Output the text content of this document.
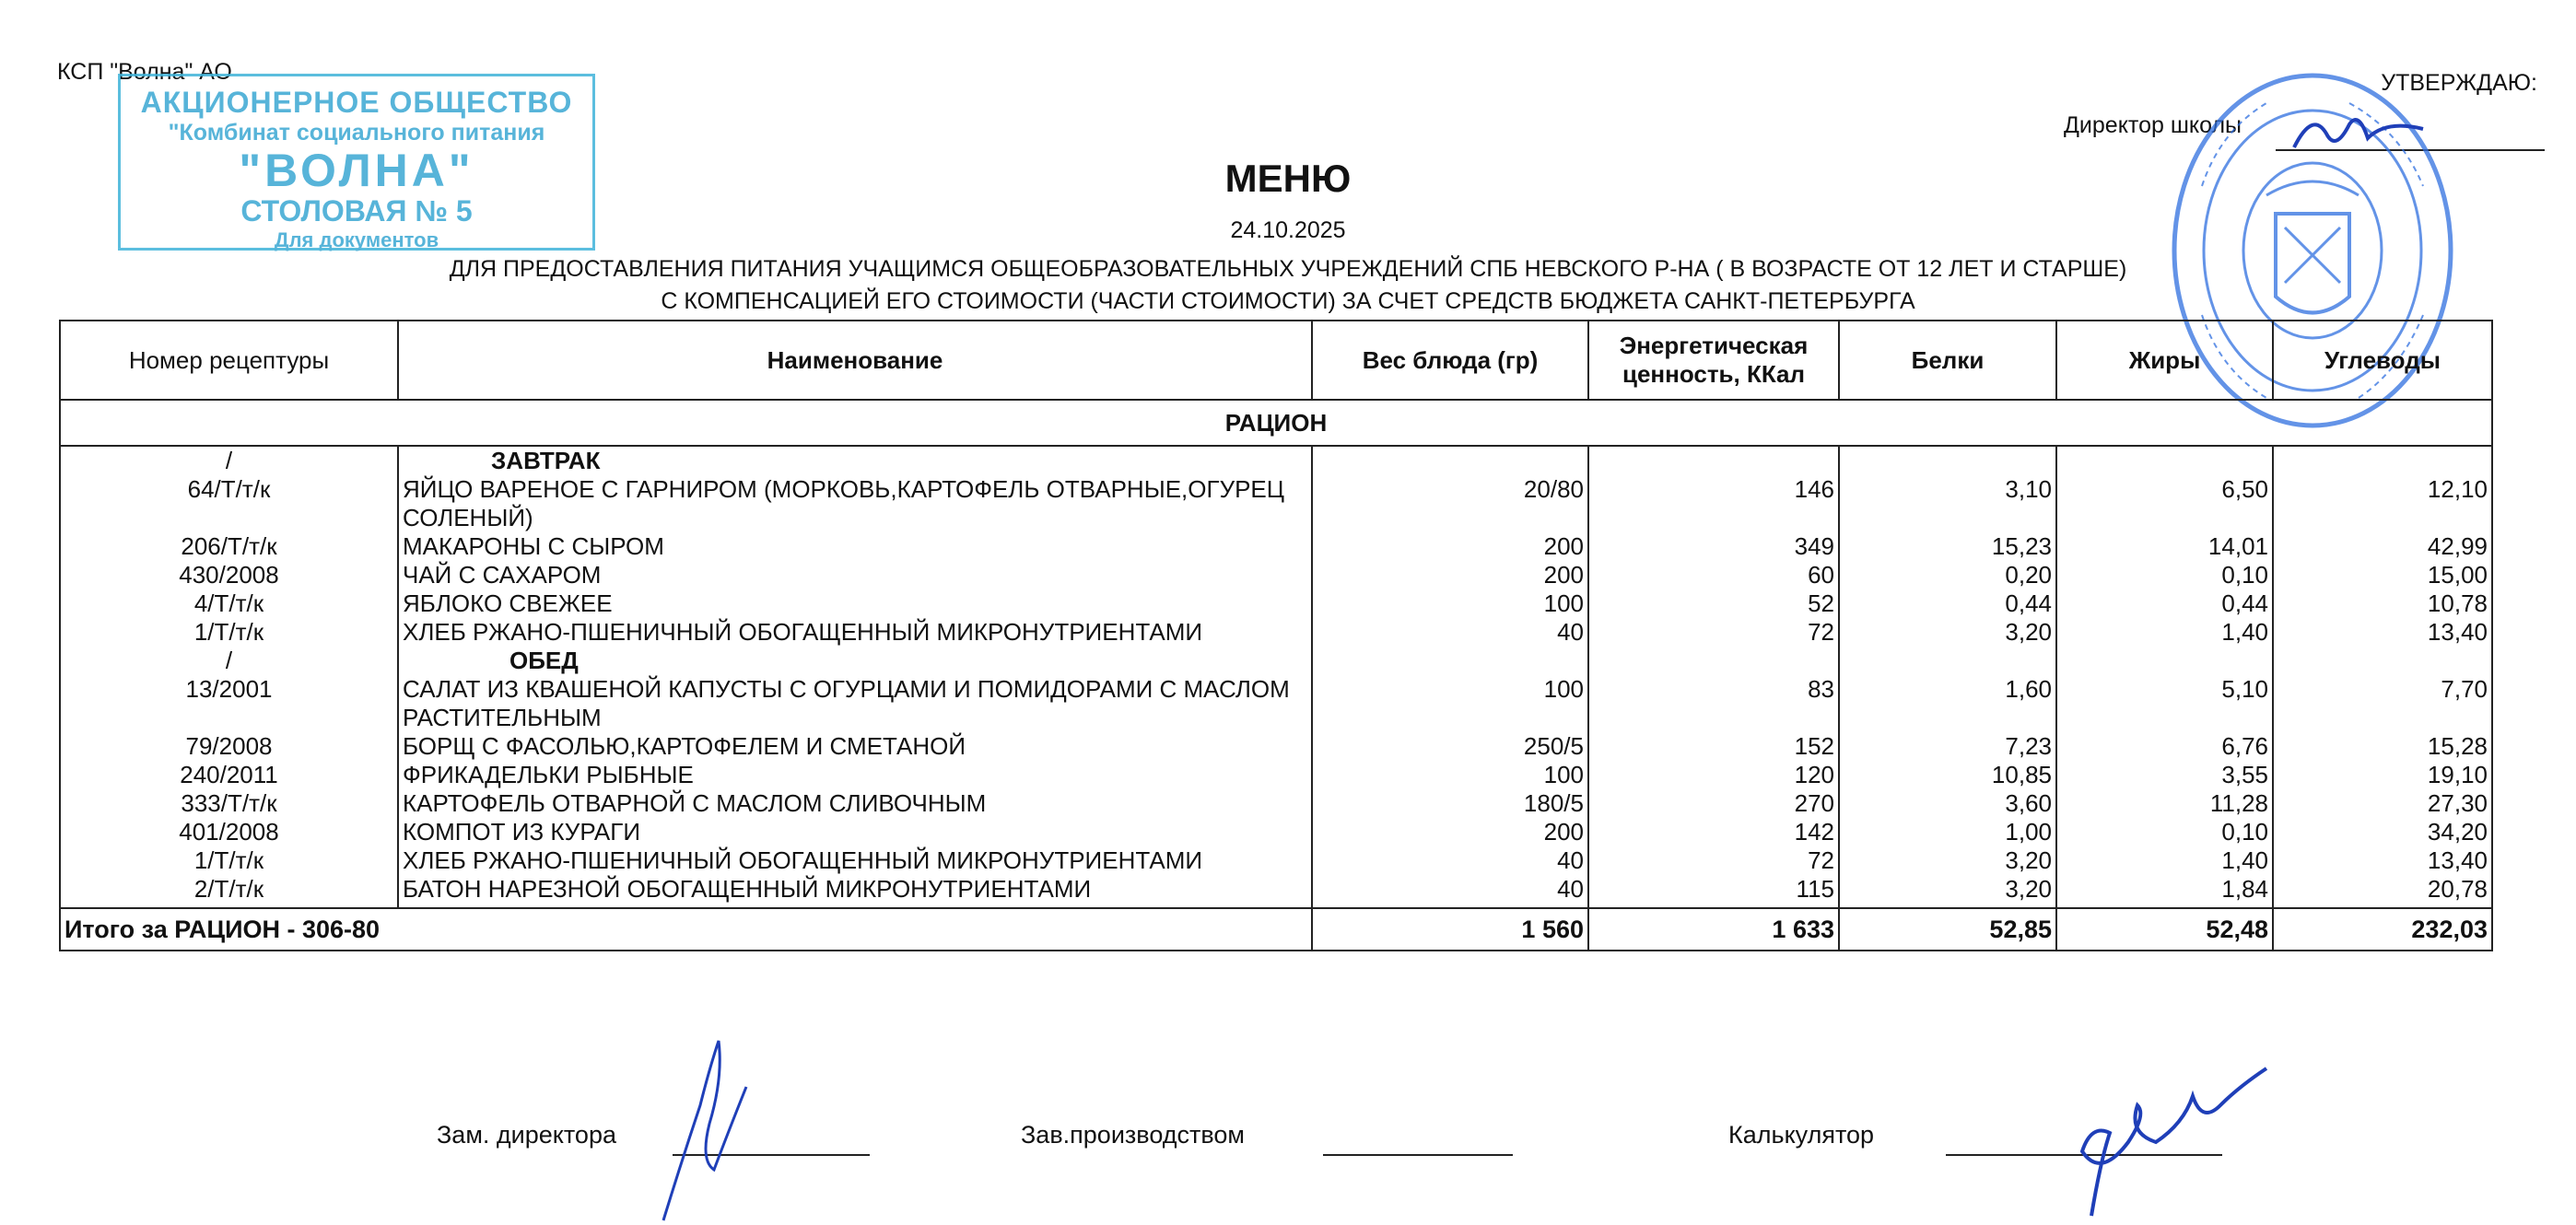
КСП "Волна" АО	УТВЕРЖДАЮ:
Директор школы
АКЦИОНЕРНОЕ ОБЩЕСТВО
"Комбинат социального питания
"ВОЛНА"
СТОЛОВАЯ № 5
Для документов
МЕНЮ
24.10.2025
ДЛЯ ПРЕДОСТАВЛЕНИЯ ПИТАНИЯ УЧАЩИМСЯ ОБЩЕОБРАЗОВАТЕЛЬНЫХ УЧРЕЖДЕНИЙ СПБ НЕВСКОГО Р-НА ( В ВОЗРАСТЕ ОТ 12 ЛЕТ И СТАРШЕ)
С КОМПЕНСАЦИЕЙ ЕГО СТОИМОСТИ (ЧАСТИ СТОИМОСТИ) ЗА СЧЕТ СРЕДСТВ БЮДЖЕТА САНКТ-ПЕТЕРБУРГА
Номер рецептуры	Наименование	Вес блюда (гр)	Энергетическая ценность, ККал	Белки	Жиры	Углеводы
РАЦИОН						
/	ЗАВТРАК					
64/Т/т/к	ЯЙЦО ВАРЕНОЕ С ГАРНИРОМ (МОРКОВЬ,КАРТОФЕЛЬ ОТВАРНЫЕ,ОГУРЕЦ СОЛЕНЫЙ)	20/80	146	3,10	6,50	12,10
206/Т/т/к	МАКАРОНЫ С СЫРОМ	200	349	15,23	14,01	42,99
430/2008	ЧАЙ С САХАРОМ	200	60	0,20	0,10	15,00
4/Т/т/к	ЯБЛОКО СВЕЖЕЕ	100	52	0,44	0,44	10,78
1/Т/т/к	ХЛЕБ РЖАНО-ПШЕНИЧНЫЙ ОБОГАЩЕННЫЙ МИКРОНУТРИЕНТАМИ	40	72	3,20	1,40	13,40
/	ОБЕД					
13/2001	САЛАТ ИЗ КВАШЕНОЙ КАПУСТЫ С ОГУРЦАМИ И ПОМИДОРАМИ С МАСЛОМ РАСТИТЕЛЬНЫМ	100	83	1,60	5,10	7,70
79/2008	БОРЩ С ФАСОЛЬЮ,КАРТОФЕЛЕМ И СМЕТАНОЙ	250/5	152	7,23	6,76	15,28
240/2011	ФРИКАДЕЛЬКИ РЫБНЫЕ	100	120	10,85	3,55	19,10
333/Т/т/к	КАРТОФЕЛЬ ОТВАРНОЙ С МАСЛОМ СЛИВОЧНЫМ	180/5	270	3,60	11,28	27,30
401/2008	КОМПОТ ИЗ КУРАГИ	200	142	1,00	0,10	34,20
1/Т/т/к	ХЛЕБ РЖАНО-ПШЕНИЧНЫЙ ОБОГАЩЕННЫЙ МИКРОНУТРИЕНТАМИ	40	72	3,20	1,40	13,40
2/Т/т/к	БАТОН НАРЕЗНОЙ ОБОГАЩЕННЫЙ МИКРОНУТРИЕНТАМИ	40	115	3,20	1,84	20,78
Итого за РАЦИОН - 306-80		1 560	1 633	52,85	52,48	232,03
Зам. директора	Зав.производством	Калькулятор
